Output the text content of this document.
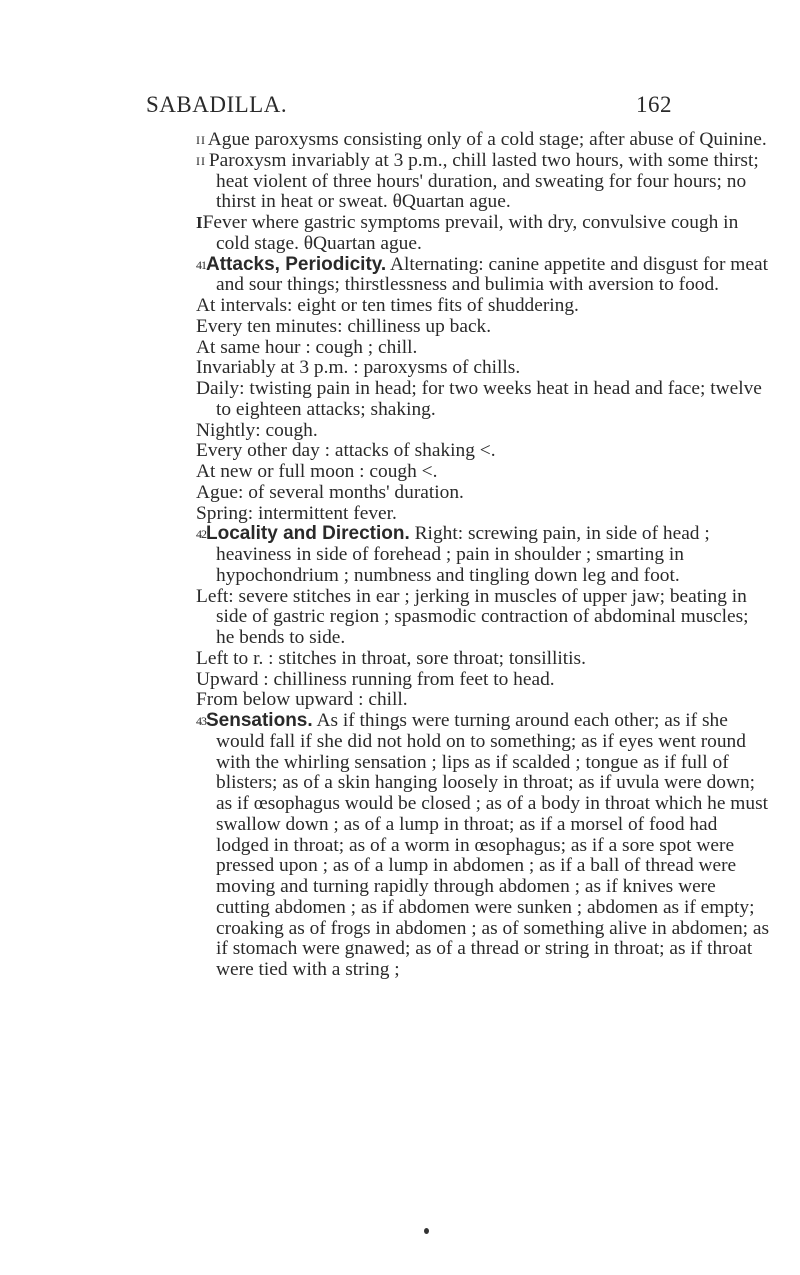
SABADILLA.	162

$^{I I}$ Ague paroxysms consisting only of a cold stage; after abuse of Quinine.

$^{I I}$ Paroxysm invariably at 3 p.m., chill lasted two hours, with some thirst; heat violent of three hours' duration, and sweating for four hours; no thirst in heat or sweat. θQuartan ague.

IFever where gastric symptoms prevail, with dry, convulsive cough in cold stage. θQuartan ague.

$^{41}$Attacks, Periodicity. Alternating: canine appetite and disgust for meat and sour things; thirstlessness and bulimia with aversion to food.

At intervals: eight or ten times fits of shuddering.

Every ten minutes: chilliness up back.

At same hour : cough ; chill.

Invariably at 3 p.m. : paroxysms of chills.

Daily: twisting pain in head; for two weeks heat in head and face; twelve to eighteen attacks; shaking.

Nightly: cough.

Every other day : attacks of shaking <.

At new or full moon : cough <.

Ague: of several months' duration.

Spring: intermittent fever.

$^{42}$Locality and Direction. Right: screwing pain, in side of head ; heaviness in side of forehead ; pain in shoulder ; smarting in hypochondrium ; numbness and tingling down leg and foot.

Left: severe stitches in ear ; jerking in muscles of upper jaw; beating in side of gastric region ; spasmodic contraction of abdominal muscles; he bends to side.

Left to r. : stitches in throat, sore throat; tonsillitis.

Upward : chilliness running from feet to head.

From below upward : chill.

$^{43}$Sensations. As if things were turning around each other; as if she would fall if she did not hold on to something; as if eyes went round with the whirling sensation ; lips as if scalded ; tongue as if full of blisters; as of a skin hanging loosely in throat; as if uvula were down; as if œsophagus would be closed ; as of a body in throat which he must swallow down ; as of a lump in throat; as if a morsel of food had lodged in throat; as of a worm in œsophagus; as if a sore spot were pressed upon ; as of a lump in abdomen ; as if a ball of thread were moving and turning rapidly through abdomen ; as if knives were cutting abdomen ; as if abdomen were sunken ; abdomen as if empty; croaking as of frogs in abdomen ; as of something alive in abdomen; as if stomach were gnawed; as of a thread or string in throat; as if throat were tied with a string ;
